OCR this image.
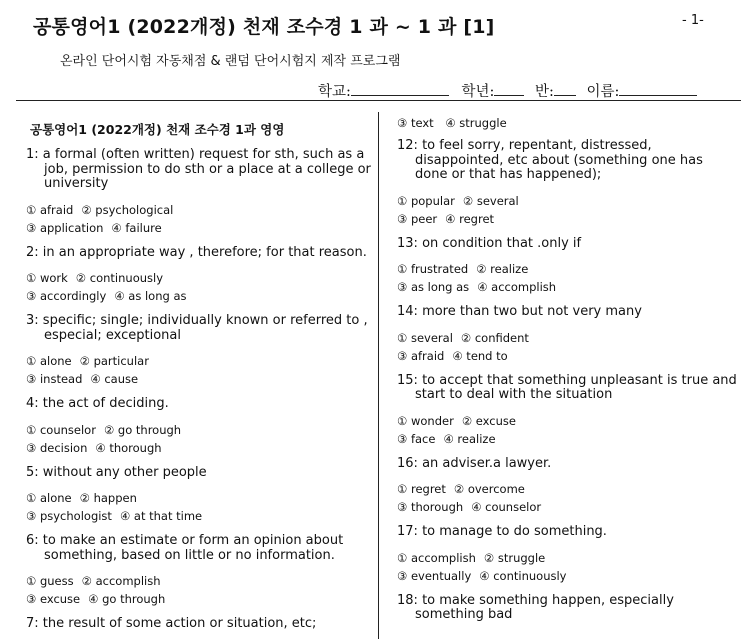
공통영어1 (2022개정) 천재 조수경 1 과 ~ 1 과 [1]	- 1-
온라인 단어시험 자동채점 & 랜덤 단어시험지 제작 프로그램
학교:	학년:	반: 이름:
공통영어1 (2022개정) 천재 조수경 1과 영영
1: a formal (often written) request for sth, such as a job, permission to do sth or a place at a college or university
① afraid ② psychological
③ application ④ failure
2: in an appropriate way , therefore; for that reason.
① work ② continuously
③ accordingly ④ as long as
3: specific; single; individually known or referred to , especial; exceptional
① alone ② particular
③ instead ④ cause
4: the act of deciding.
① counselor ② go through
③ decision ④ thorough
5: without any other people
① alone ② happen
③ psychologist ④ at that time
6: to make an estimate or form an opinion about something, based on little or no information.
① guess ② accomplish
③ excuse ④ go through
7: the result of some action or situation, etc;
③ text ④ struggle
12: to feel sorry, repentant, distressed, disappointed, etc about (something one has done or that has happened);
① popular ② several
③ peer ④ regret
13: on condition that .only if
① frustrated ② realize
③ as long as ④ accomplish
14: more than two but not very many
① several ② confident
③ afraid ④ tend to
15: to accept that something unpleasant is true and start to deal with the situation
① wonder ② excuse
③ face ④ realize
16: an adviser.a lawyer.
① regret ② overcome
③ thorough ④ counselor
17: to manage to do something.
① accomplish ② struggle
③ eventually ④ continuously
18: to make something happen, especially something bad
